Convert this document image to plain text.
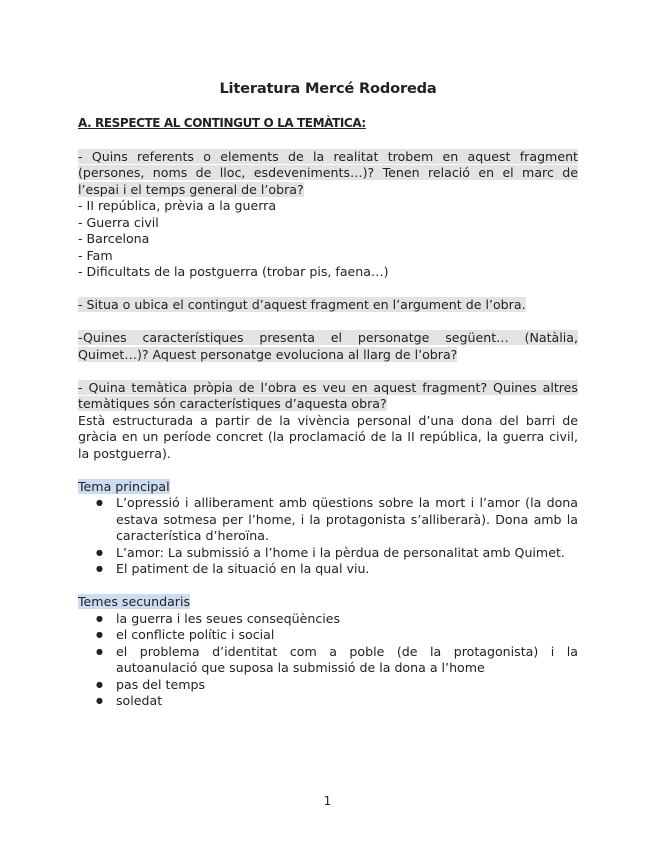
Literatura Mercé Rodoreda
A. RESPECTE AL CONTINGUT O LA TEMÀTICA:

- Quins referents o elements de la realitat trobem en aquest fragment (persones, noms de lloc, esdeveniments…)? Tenen relació en el marc de l’espai i el temps general de l’obra?

- II república, prèvia a la guerra

- Guerra civil

- Barcelona

- Fam

- Dificultats de la postguerra (trobar pis, faena…)

- Situa o ubica el contingut d’aquest fragment en l’argument de l’obra.

-Quines característiques presenta el personatge següent… (Natàlia, Quimet…)? Aquest personatge evoluciona al llarg de l’obra?

- Quina temàtica pròpia de l’obra es veu en aquest fragment? Quines altres temàtiques són característiques d’aquesta obra?

Està estructurada a partir de la vivència personal d’una dona del barri de gràcia en un període concret (la proclamació de la II república, la guerra civil, la postguerra).

Tema principal

● L’opressió i alliberament amb qüestions sobre la mort i l’amor (la dona estava sotmesa per l’home, i la protagonista s’alliberarà). Dona amb la característica d’heroïna.
● L’amor: La submissió a l’home i la pèrdua de personalitat amb Quimet.
● El patiment de la situació en la qual viu.

Temes secundaris

● la guerra i les seues conseqüències
● el conflicte polític i social
● el problema d’identitat com a poble (de la protagonista) i la autoanulació que suposa la submissió de la dona a l’home
● pas del temps
● soledat
1
